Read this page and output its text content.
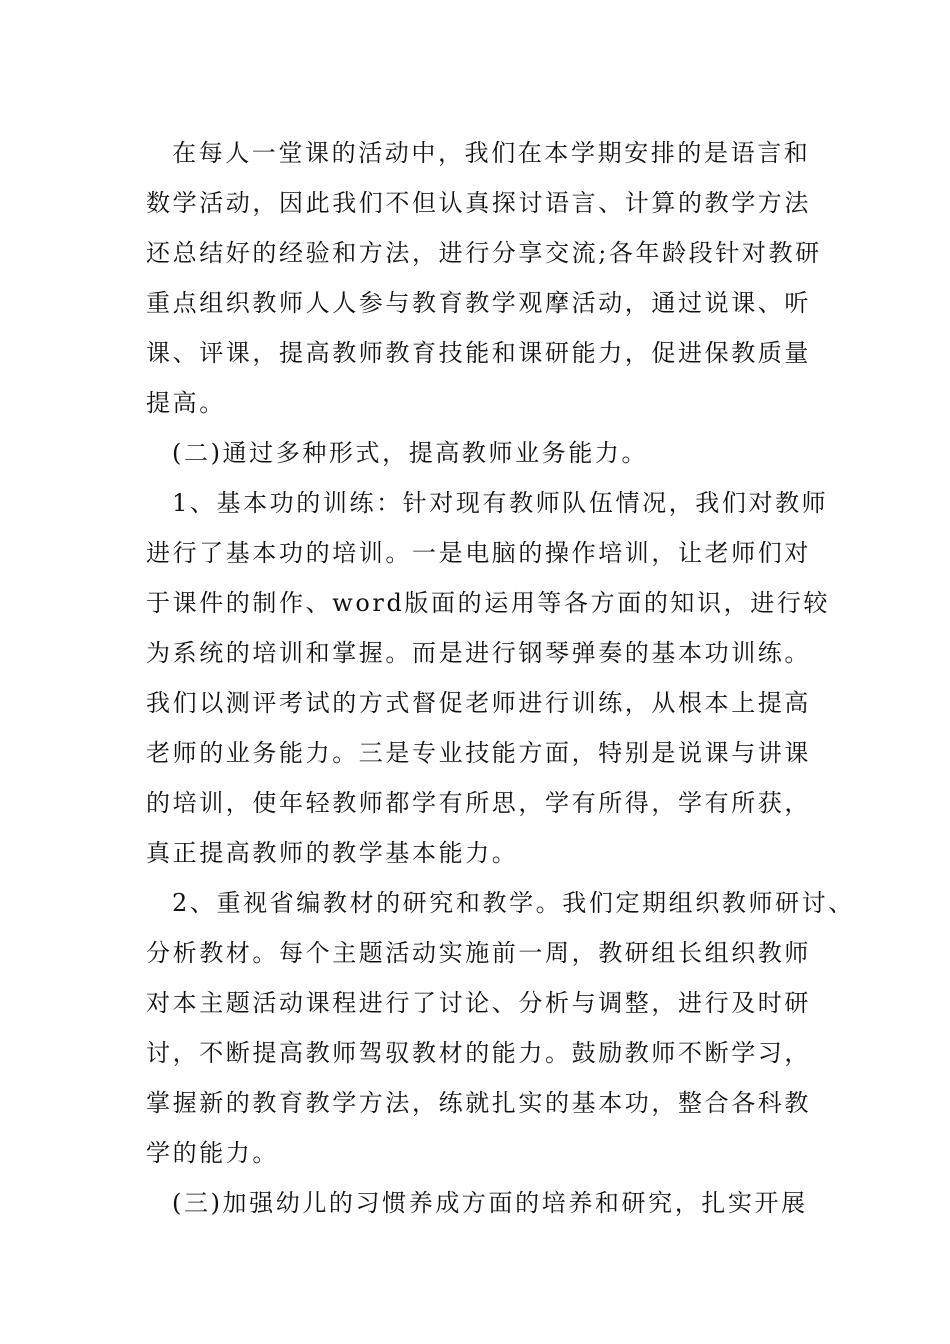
在每人一堂课的活动中，我们在本学期安排的是语言和
数学活动，因此我们不但认真探讨语言、计算的教学方法
还总结好的经验和方法，进行分享交流;各年龄段针对教研
重点组织教师人人参与教育教学观摩活动，通过说课、听
课、评课，提高教师教育技能和课研能力，促进保教质量
提高。
(二)通过多种形式，提高教师业务能力。
1、基本功的训练：针对现有教师队伍情况，我们对教师
进行了基本功的培训。一是电脑的操作培训，让老师们对
于课件的制作、word版面的运用等各方面的知识，进行较
为系统的培训和掌握。而是进行钢琴弹奏的基本功训练。
我们以测评考试的方式督促老师进行训练，从根本上提高
老师的业务能力。三是专业技能方面，特别是说课与讲课
的培训，使年轻教师都学有所思，学有所得，学有所获，
真正提高教师的教学基本能力。
2、重视省编教材的研究和教学。我们定期组织教师研讨、
分析教材。每个主题活动实施前一周，教研组长组织教师
对本主题活动课程进行了讨论、分析与调整，进行及时研
讨，不断提高教师驾驭教材的能力。鼓励教师不断学习，
掌握新的教育教学方法，练就扎实的基本功，整合各科教
学的能力。
(三)加强幼儿的习惯养成方面的培养和研究，扎实开展
